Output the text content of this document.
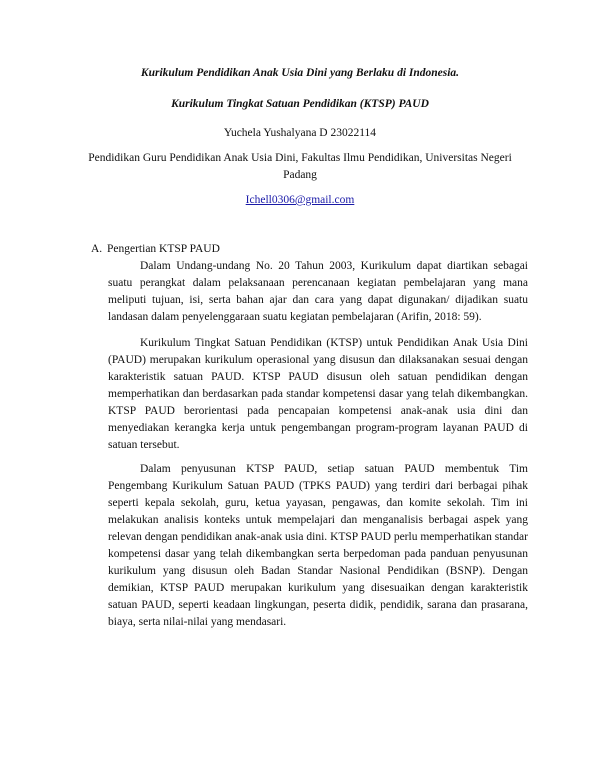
Kurikulum Pendidikan Anak Usia Dini yang Berlaku di Indonesia.
Kurikulum Tingkat Satuan Pendidikan (KTSP) PAUD
Yuchela Yushalyana D 23022114
Pendidikan Guru Pendidikan Anak Usia Dini, Fakultas Ilmu Pendidikan, Universitas Negeri Padang
Ichell0306@gmail.com
A. Pengertian KTSP PAUD

Dalam Undang-undang No. 20 Tahun 2003, Kurikulum dapat diartikan sebagai suatu perangkat dalam pelaksanaan perencanaan kegiatan pembelajaran yang mana meliputi tujuan, isi, serta bahan ajar dan cara yang dapat digunakan/ dijadikan suatu landasan dalam penyelenggaraan suatu kegiatan pembelajaran (Arifin, 2018: 59).

Kurikulum Tingkat Satuan Pendidikan (KTSP) untuk Pendidikan Anak Usia Dini (PAUD) merupakan kurikulum operasional yang disusun dan dilaksanakan sesuai dengan karakteristik satuan PAUD. KTSP PAUD disusun oleh satuan pendidikan dengan memperhatikan dan berdasarkan pada standar kompetensi dasar yang telah dikembangkan. KTSP PAUD berorientasi pada pencapaian kompetensi anak-anak usia dini dan menyediakan kerangka kerja untuk pengembangan program-program layanan PAUD di satuan tersebut.

Dalam penyusunan KTSP PAUD, setiap satuan PAUD membentuk Tim Pengembang Kurikulum Satuan PAUD (TPKS PAUD) yang terdiri dari berbagai pihak seperti kepala sekolah, guru, ketua yayasan, pengawas, dan komite sekolah. Tim ini melakukan analisis konteks untuk mempelajari dan menganalisis berbagai aspek yang relevan dengan pendidikan anak-anak usia dini. KTSP PAUD perlu memperhatikan standar kompetensi dasar yang telah dikembangkan serta berpedoman pada panduan penyusunan kurikulum yang disusun oleh Badan Standar Nasional Pendidikan (BSNP). Dengan demikian, KTSP PAUD merupakan kurikulum yang disesuaikan dengan karakteristik satuan PAUD, seperti keadaan lingkungan, peserta didik, pendidik, sarana dan prasarana, biaya, serta nilai-nilai yang mendasari.
